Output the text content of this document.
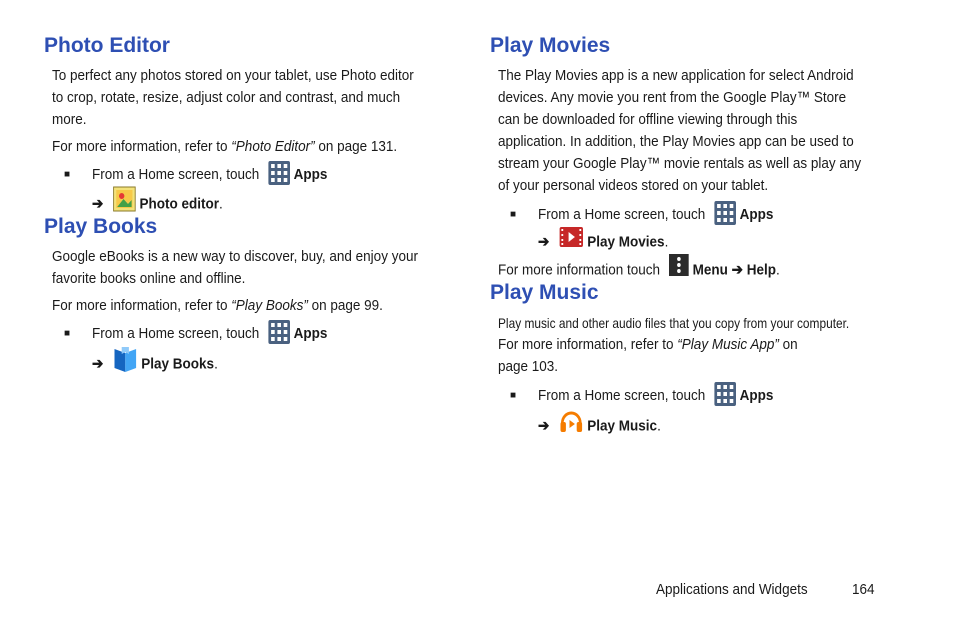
Photo Editor
To perfect any photos stored on your tablet, use Photo editor
to crop, rotate, resize, adjust color and contrast, and much
more.
For more information, refer to “Photo Editor” on page 131.
■ From a Home screen, touch Apps
➔ Photo editor.
Play Books
Google eBooks is a new way to discover, buy, and enjoy your
favorite books online and offline.
For more information, refer to “Play Books” on page 99.
■ From a Home screen, touch Apps
➔	Play Books.
Play Movies
The Play Movies app is a new application for select Android
devices. Any movie you rent from the Google Play™ Store
can be downloaded for offline viewing through this
application. In addition, the Play Movies app can be used to
stream your Google Play™ movie rentals as well as play any
of your personal videos stored on your tablet.
■ From a Home screen, touch Apps
➔	Play Movies.
For more information touch Menu ➔ Help.
Play Music
Play music and other audio files that you copy from your computer.
For more information, refer to “Play Music App” on
page 103.
■ From a Home screen, touch Apps
➔	Play Music.
Applications and Widgets	164
